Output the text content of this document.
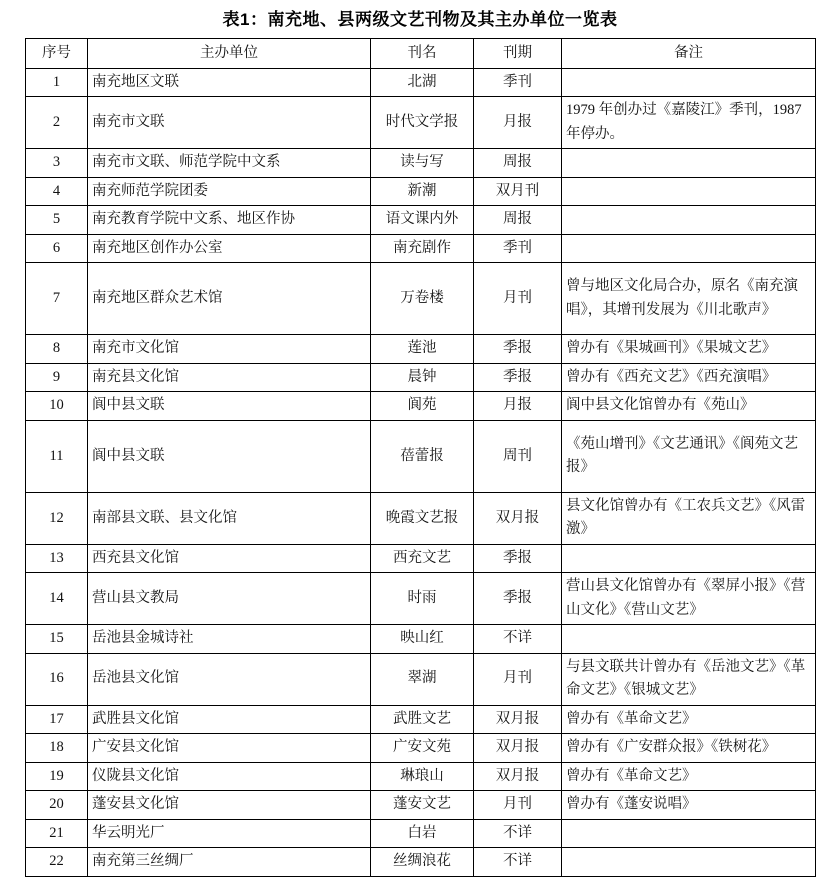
表1：南充地、县两级文艺刊物及其主办单位一览表
序号	主办单位	刊名	刊期	备注
1	南充地区文联	北湖	季刊	

2	南充市文联	时代文学报	月报	1979 年创办过《嘉陵江》季刊，1987 年停办。

3	南充市文联、师范学院中文系	读与写	周报	

4	南充师范学院团委	新潮	双月刊	

5	南充教育学院中文系、地区作协	语文课内外	周报	

6	南充地区创作办公室	南充剧作	季刊	

7	南充地区群众艺术馆	万卷楼	月刊	曾与地区文化局合办，原名《南充演唱》，其增刊发展为《川北歌声》

8	南充市文化馆	莲池	季报	曾办有《果城画刊》《果城文艺》

9	南充县文化馆	晨钟	季报	曾办有《西充文艺》《西充演唱》

10	阆中县文联	阆苑	月报	阆中县文化馆曾办有《苑山》

11	阆中县文联	蓓蕾报	周刊	《苑山增刊》《文艺通讯》《阆苑文艺报》

12	南部县文联、县文化馆	晚霞文艺报	双月报	县文化馆曾办有《工农兵文艺》《风雷激》

13	西充县文化馆	西充文艺	季报	

14	营山县文教局	时雨	季报	营山县文化馆曾办有《翠屏小报》《营山文化》《营山文艺》

15	岳池县金城诗社	映山红	不详	

16	岳池县文化馆	翠湖	月刊	与县文联共计曾办有《岳池文艺》《革命文艺》《银城文艺》

17	武胜县文化馆	武胜文艺	双月报	曾办有《革命文艺》

18	广安县文化馆	广安文苑	双月报	曾办有《广安群众报》《铁树花》

19	仪陇县文化馆	琳琅山	双月报	曾办有《革命文艺》

20	蓬安县文化馆	蓬安文艺	月刊	曾办有《蓬安说唱》

21	华云明光厂	白岩	不详	

22	南充第三丝绸厂	丝绸浪花	不详	
